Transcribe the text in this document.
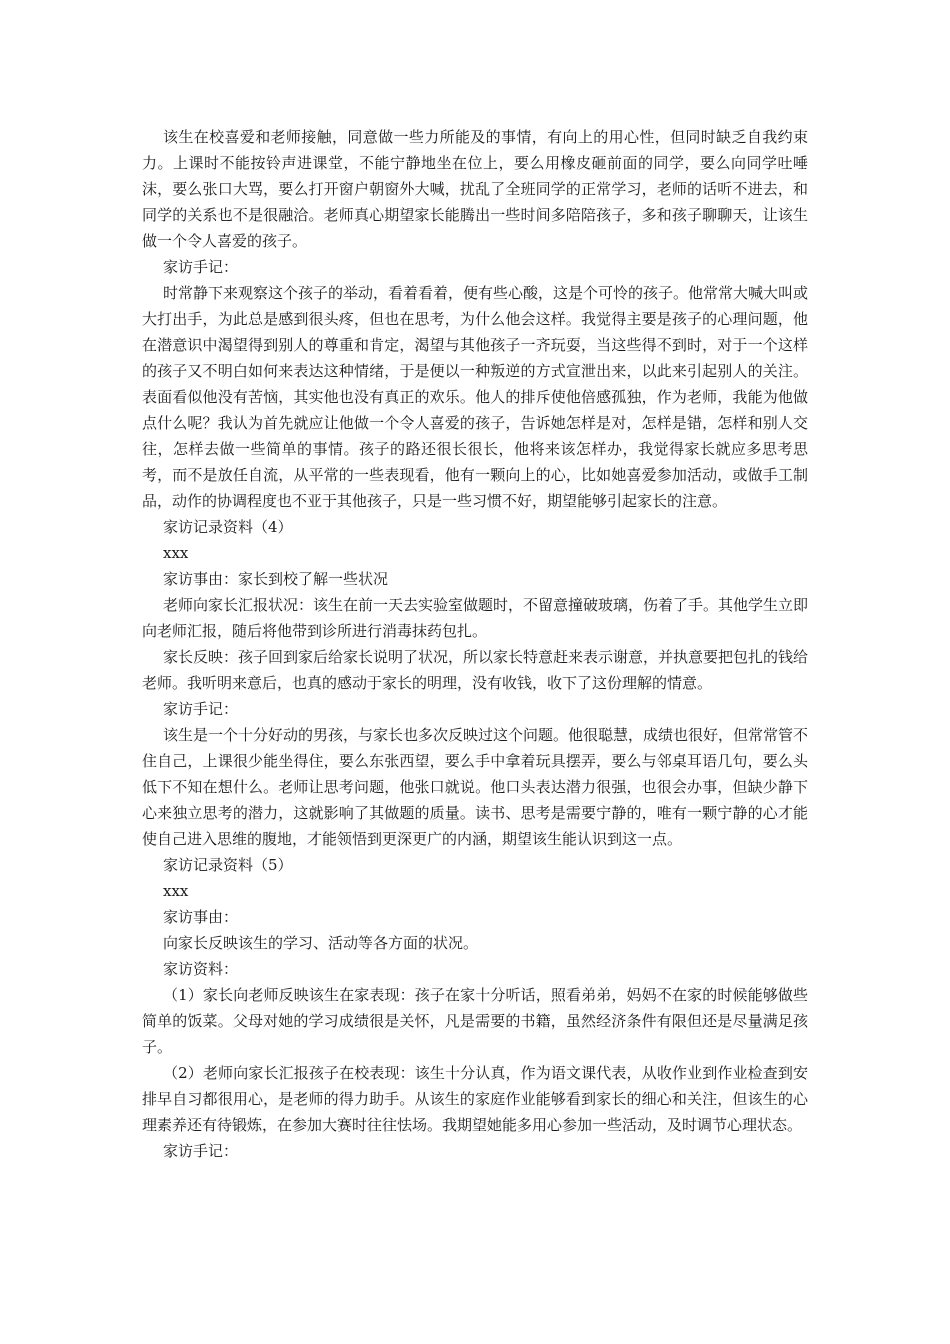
该生在校喜爱和老师接触，同意做一些力所能及的事情，有向上的用心性，但同时缺乏自我约束力。上课时不能按铃声进课堂，不能宁静地坐在位上，要么用橡皮砸前面的同学，要么向同学吐唾沫，要么张口大骂，要么打开窗户朝窗外大喊，扰乱了全班同学的正常学习，老师的话听不进去，和同学的关系也不是很融洽。老师真心期望家长能腾出一些时间多陪陪孩子，多和孩子聊聊天，让该生做一个令人喜爱的孩子。

家访手记：

时常静下来观察这个孩子的举动，看着看着，便有些心酸，这是个可怜的孩子。他常常大喊大叫或大打出手，为此总是感到很头疼，但也在思考，为什么他会这样。我觉得主要是孩子的心理问题，他在潜意识中渴望得到别人的尊重和肯定，渴望与其他孩子一齐玩耍，当这些得不到时，对于一个这样的孩子又不明白如何来表达这种情绪，于是便以一种叛逆的方式宣泄出来，以此来引起别人的关注。表面看似他没有苦恼，其实他也没有真正的欢乐。他人的排斥使他倍感孤独，作为老师，我能为他做点什么呢？我认为首先就应让他做一个令人喜爱的孩子，告诉她怎样是对，怎样是错，怎样和别人交往，怎样去做一些简单的事情。孩子的路还很长很长，他将来该怎样办，我觉得家长就应多思考思考，而不是放任自流，从平常的一些表现看，他有一颗向上的心，比如她喜爱参加活动，或做手工制品，动作的协调程度也不亚于其他孩子，只是一些习惯不好，期望能够引起家长的注意。

家访记录资料（4）

xxx

家访事由：家长到校了解一些状况

老师向家长汇报状况：该生在前一天去实验室做题时，不留意撞破玻璃，伤着了手。其他学生立即向老师汇报，随后将他带到诊所进行消毒抹药包扎。

家长反映：孩子回到家后给家长说明了状况，所以家长特意赶来表示谢意，并执意要把包扎的钱给老师。我听明来意后，也真的感动于家长的明理，没有收钱，收下了这份理解的情意。

家访手记：

该生是一个十分好动的男孩，与家长也多次反映过这个问题。他很聪慧，成绩也很好，但常常管不住自己，上课很少能坐得住，要么东张西望，要么手中拿着玩具摆弄，要么与邻桌耳语几句，要么头低下不知在想什么。老师让思考问题，他张口就说。他口头表达潜力很强，也很会办事，但缺少静下心来独立思考的潜力，这就影响了其做题的质量。读书、思考是需要宁静的，唯有一颗宁静的心才能使自己进入思维的腹地，才能领悟到更深更广的内涵，期望该生能认识到这一点。

家访记录资料（5）

xxx

家访事由：

向家长反映该生的学习、活动等各方面的状况。

家访资料：

（1）家长向老师反映该生在家表现：孩子在家十分听话，照看弟弟，妈妈不在家的时候能够做些简单的饭菜。父母对她的学习成绩很是关怀，凡是需要的书籍，虽然经济条件有限但还是尽量满足孩子。

（2）老师向家长汇报孩子在校表现：该生十分认真，作为语文课代表，从收作业到作业检查到安排早自习都很用心，是老师的得力助手。从该生的家庭作业能够看到家长的细心和关注，但该生的心理素养还有待锻炼，在参加大赛时往往怯场。我期望她能多用心参加一些活动，及时调节心理状态。

家访手记：
